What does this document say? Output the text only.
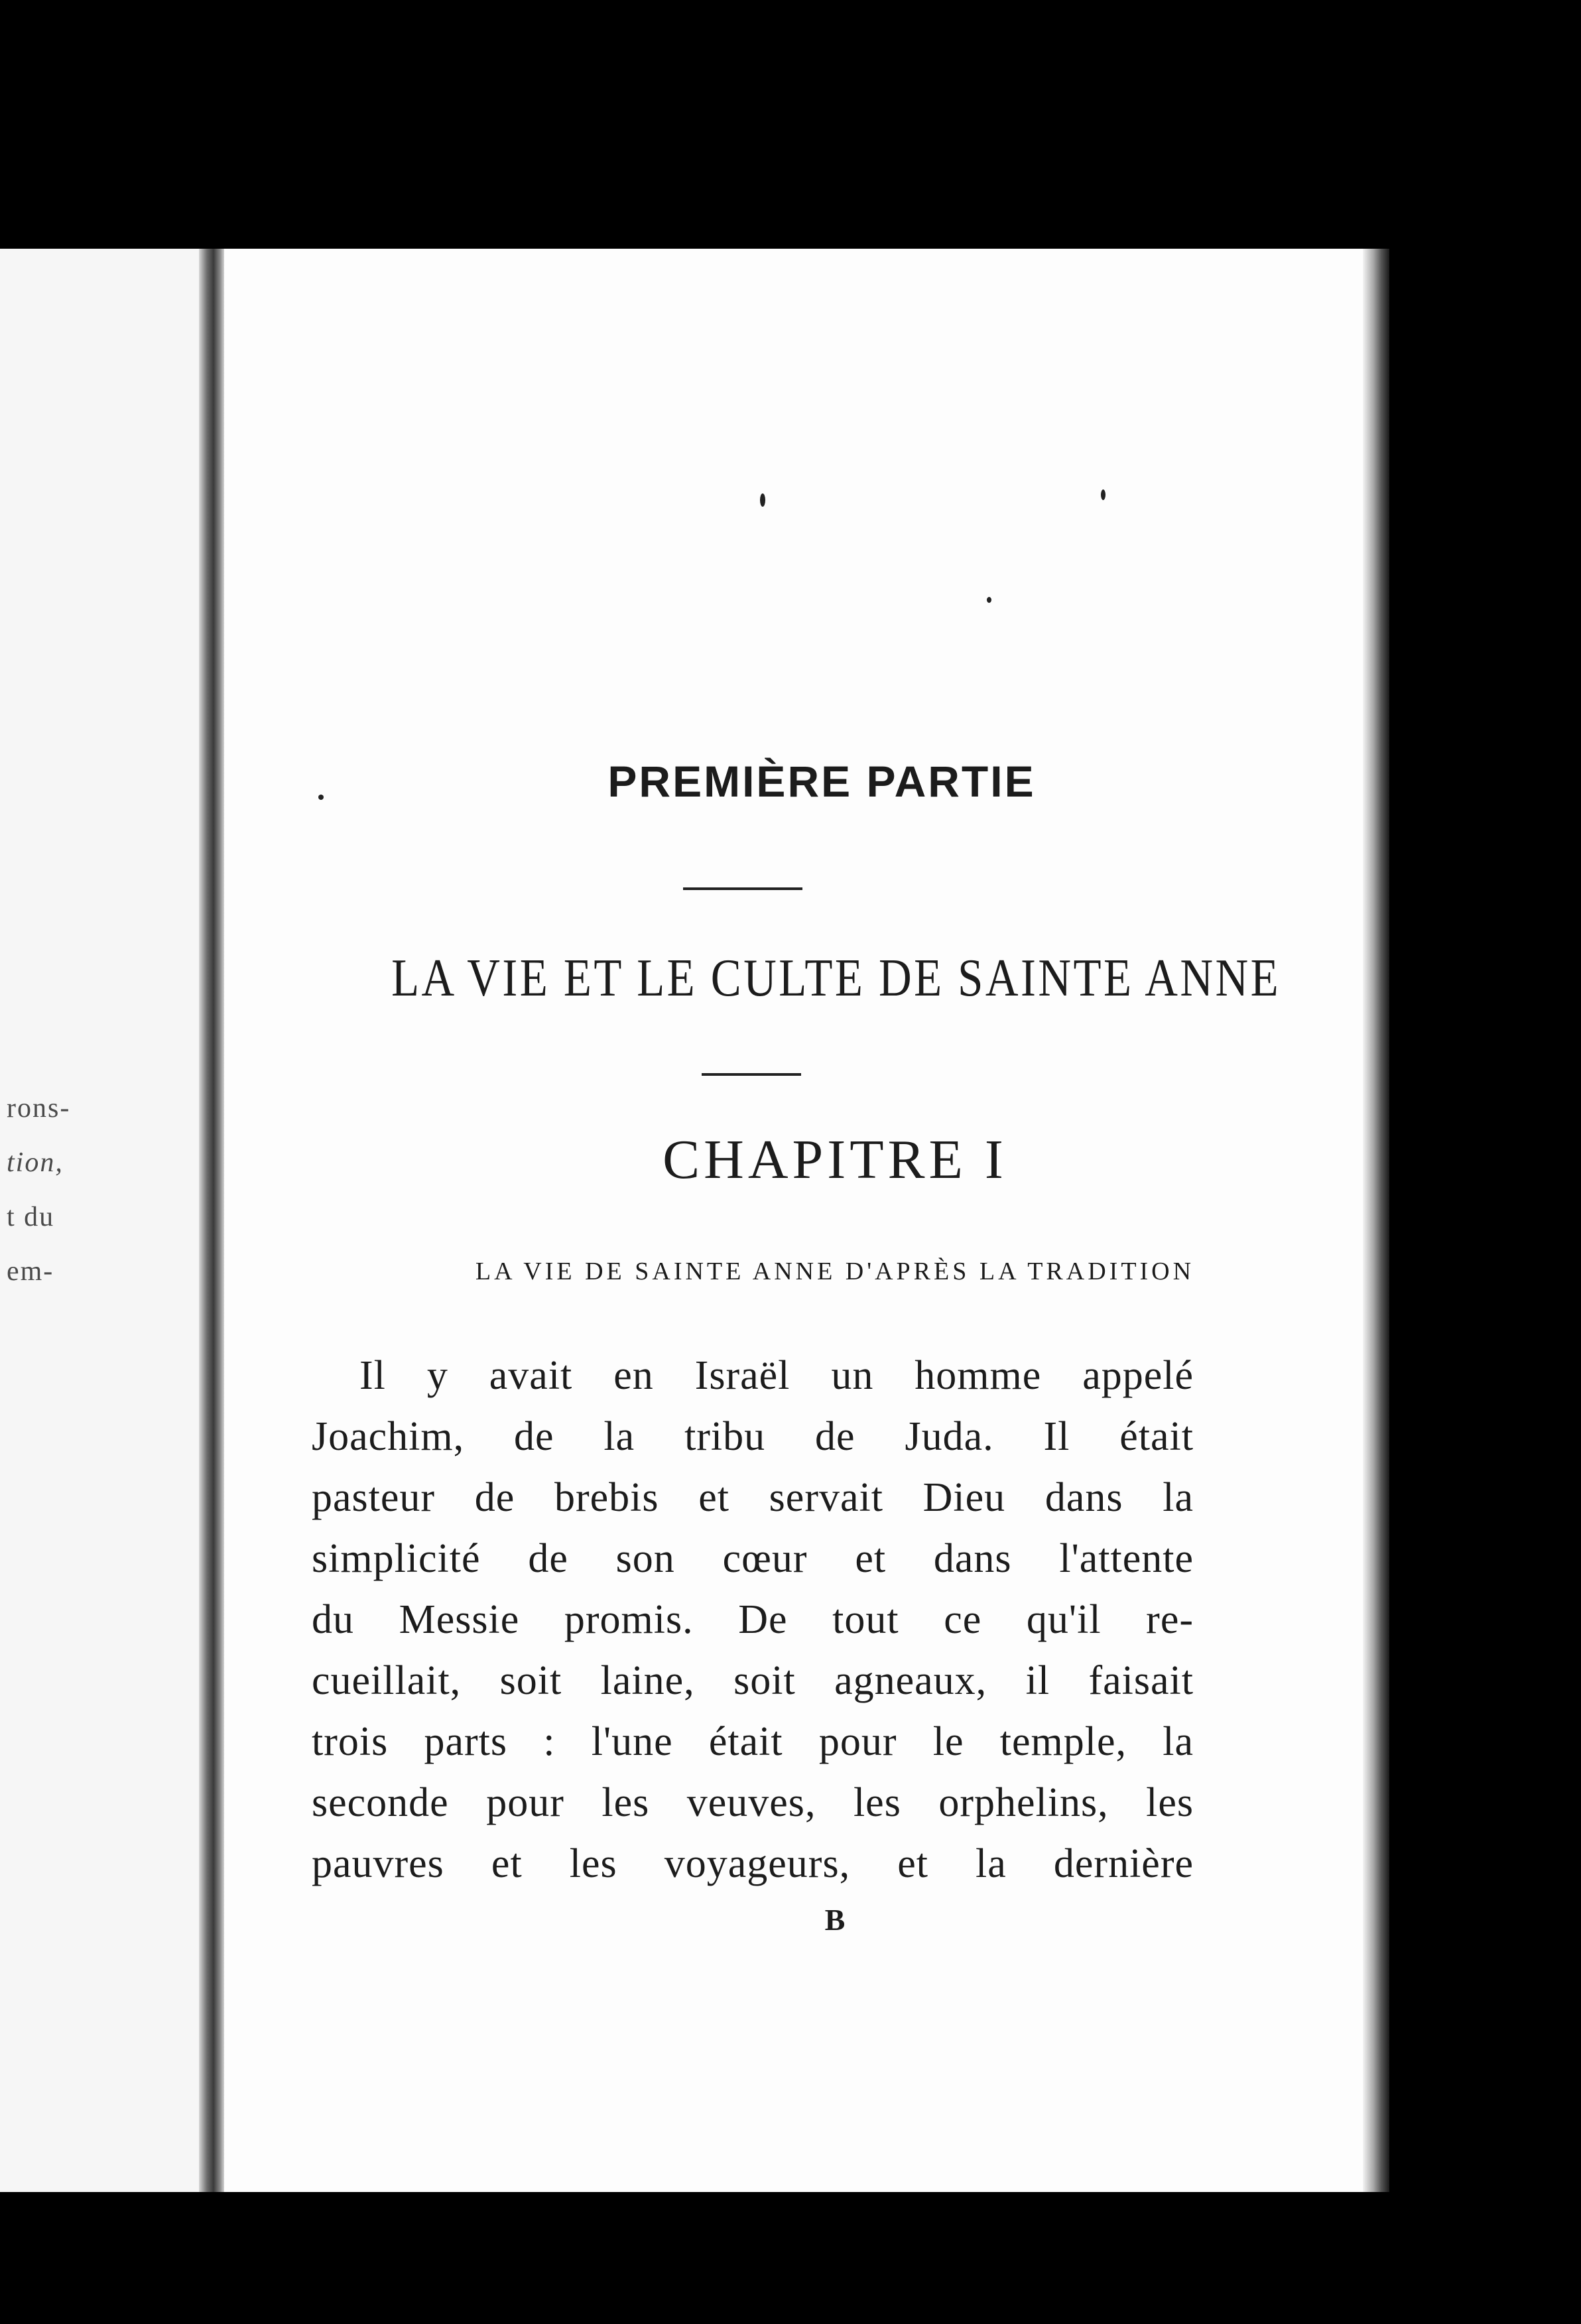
rons-
tion,
t du
em-
PREMIÈRE PARTIE
LA VIE ET LE CULTE DE SAINTE ANNE
CHAPITRE I
LA VIE DE SAINTE ANNE D'APRÈS LA TRADITION
Il y avait en Israël un homme appelé
Joachim, de la tribu de Juda. Il était
pasteur de brebis et servait Dieu dans la
simplicité de son cœur et dans l'attente
du Messie promis. De tout ce qu'il re-
cueillait, soit laine, soit agneaux, il faisait
trois parts : l'une était pour le temple, la
seconde pour les veuves, les orphelins, les
pauvres et les voyageurs, et la dernière
B
